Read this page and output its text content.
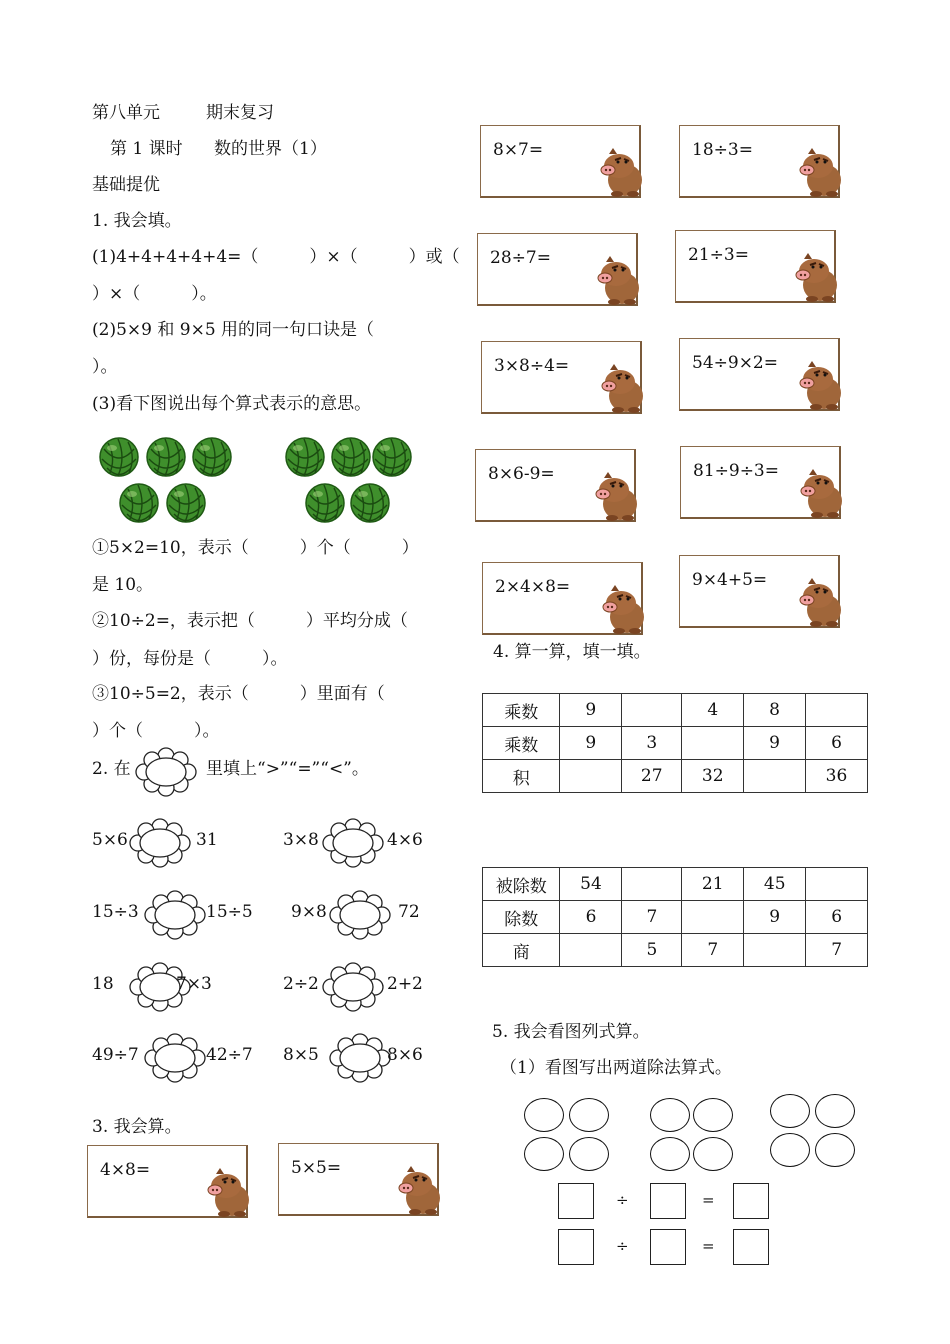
第八单元	期末复习
第 1 课时 数的世界（1）
基础提优
1. 我会填。
(1)4+4+4+4+4=（　　　）×（　　　）或（
）×（　　　）。
(2)5×9 和 9×5 用的同一句口诀是（
）。
(3)看下图说出每个算式表示的意思。
①5×2=10，表示（　　　）个（　　　）
是 10。
②10÷2=，表示把（　　　）平均分成（
）份，每份是（　　　）。
③10÷5=2，表示（　　　）里面有（
）个（　　　）。
2. 在	里填上“>”“=”“<”。
5×6	31	3×8	4×6
15÷3	15÷5 9×8	72
18	7×3	2÷2	2+2
49÷7	42÷7 8×5	8×6
3. 我会算。
4×8=	5×5=
8×7=	18÷3=
28÷7=	21÷3=
3×8÷4=	54÷9×2=
8×6-9=	81÷9÷3=
2×4×8=	9×4+5=
4. 算一算，填一填。
乘数	9		4	8	
乘数	9	3		9	6
积		27	32		36
被除数	54		21	45	
除数	6	7		9	6
商		5	7		7
5. 我会看图列式算。
（1）看图写出两道除法算式。
÷	=
÷	=
